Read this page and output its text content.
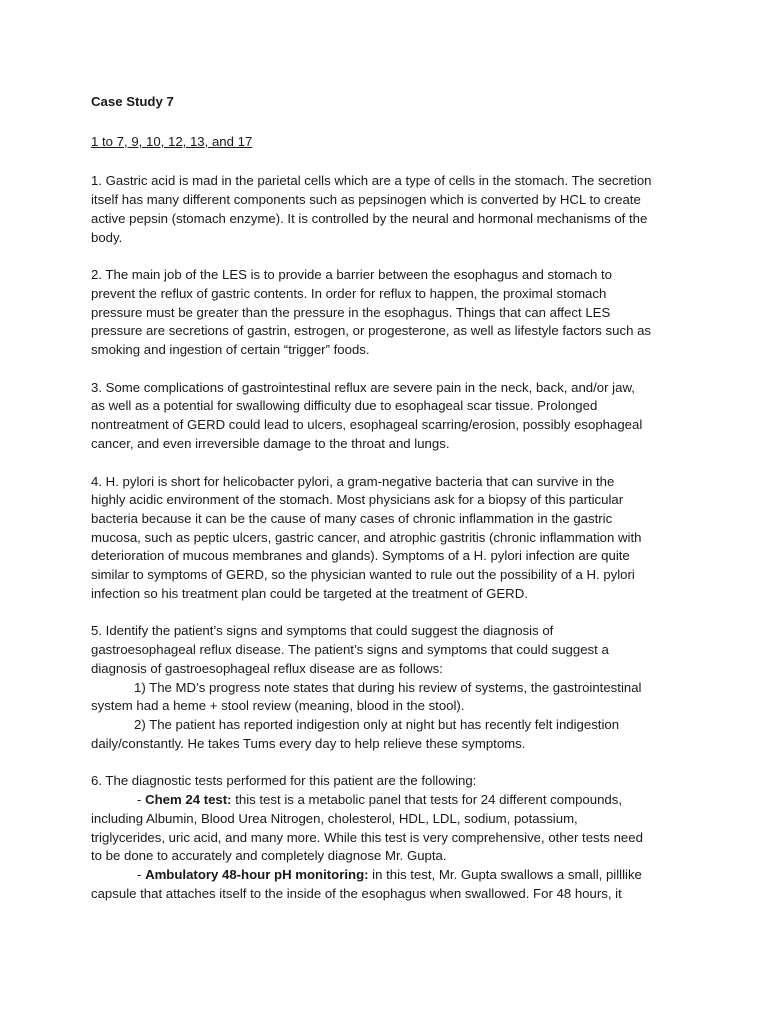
Case Study 7
1 to 7, 9, 10, 12, 13, and 17
1. Gastric acid is mad in the parietal cells which are a type of cells in the stomach. The secretion
itself has many different components such as pepsinogen which is converted by HCL to create
active pepsin (stomach enzyme). It is controlled by the neural and hormonal mechanisms of the
body.
2. The main job of the LES is to provide a barrier between the esophagus and stomach to
prevent the reflux of gastric contents. In order for reflux to happen, the proximal stomach
pressure must be greater than the pressure in the esophagus. Things that can affect LES
pressure are secretions of gastrin, estrogen, or progesterone, as well as lifestyle factors such as
smoking and ingestion of certain “trigger” foods.
3. Some complications of gastrointestinal reflux are severe pain in the neck, back, and/or jaw,
as well as a potential for swallowing difficulty due to esophageal scar tissue. Prolonged
nontreatment of GERD could lead to ulcers, esophageal scarring/erosion, possibly esophageal
cancer, and even irreversible damage to the throat and lungs.
4. H. pylori is short for helicobacter pylori, a gram-negative bacteria that can survive in the
highly acidic environment of the stomach. Most physicians ask for a biopsy of this particular
bacteria because it can be the cause of many cases of chronic inflammation in the gastric
mucosa, such as peptic ulcers, gastric cancer, and atrophic gastritis (chronic inflammation with
deterioration of mucous membranes and glands). Symptoms of a H. pylori infection are quite
similar to symptoms of GERD, so the physician wanted to rule out the possibility of a H. pylori
infection so his treatment plan could be targeted at the treatment of GERD.
5. Identify the patient’s signs and symptoms that could suggest the diagnosis of
gastroesophageal reflux disease. The patient’s signs and symptoms that could suggest a
diagnosis of gastroesophageal reflux disease are as follows:
1) The MD’s progress note states that during his review of systems, the gastrointestinal
system had a heme + stool review (meaning, blood in the stool).
2) The patient has reported indigestion only at night but has recently felt indigestion
daily/constantly. He takes Tums every day to help relieve these symptoms.
6. The diagnostic tests performed for this patient are the following:
- Chem 24 test: this test is a metabolic panel that tests for 24 different compounds,
including Albumin, Blood Urea Nitrogen, cholesterol, HDL, LDL, sodium, potassium,
triglycerides, uric acid, and many more. While this test is very comprehensive, other tests need
to be done to accurately and completely diagnose Mr. Gupta.
- Ambulatory 48-hour pH monitoring: in this test, Mr. Gupta swallows a small, pilllike
capsule that attaches itself to the inside of the esophagus when swallowed. For 48 hours, it
